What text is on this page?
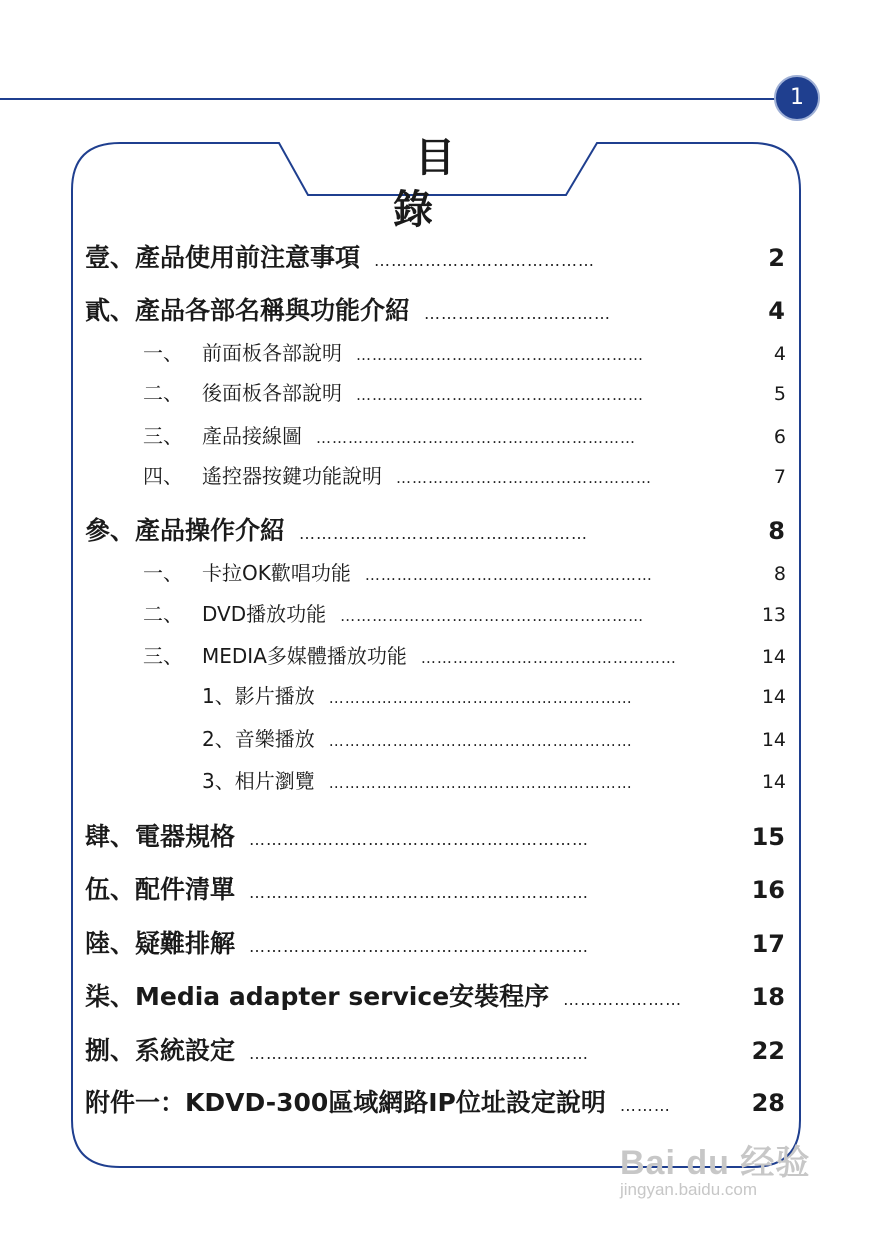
1
目　　錄
壹、產品使用前注意事項 …………………………………	2
貳、產品各部名稱與功能介紹 ……………………………	4
一、 前面板各部說明 ………………………………………………	4
二、 後面板各部說明 ………………………………………………	5
三、 產品接線圖 ……………………………………………………	6
四、 遙控器按鍵功能說明 …………………………………………	7
參、產品操作介紹 ……………………………………………	8
一、 卡拉OK歡唱功能 ………………………………………………	8
二、 DVD播放功能 …………………………………………………	13
三、 MEDIA多媒體播放功能 …………………………………………	14
1、影片播放 …………………………………………………	14
2、音樂播放 …………………………………………………	14
3、相片瀏覽 …………………………………………………	14
肆、電器規格 ……………………………………………………	15
伍、配件清單 ……………………………………………………	16
陸、疑難排解 ……………………………………………………	17
柒、Media adapter service安裝程序 …………………	18
捌、系統設定 ……………………………………………………	22
附件一：KDVD-300區域網路IP位址設定說明 ………	28
Bai du 经验
jingyan.baidu.com
